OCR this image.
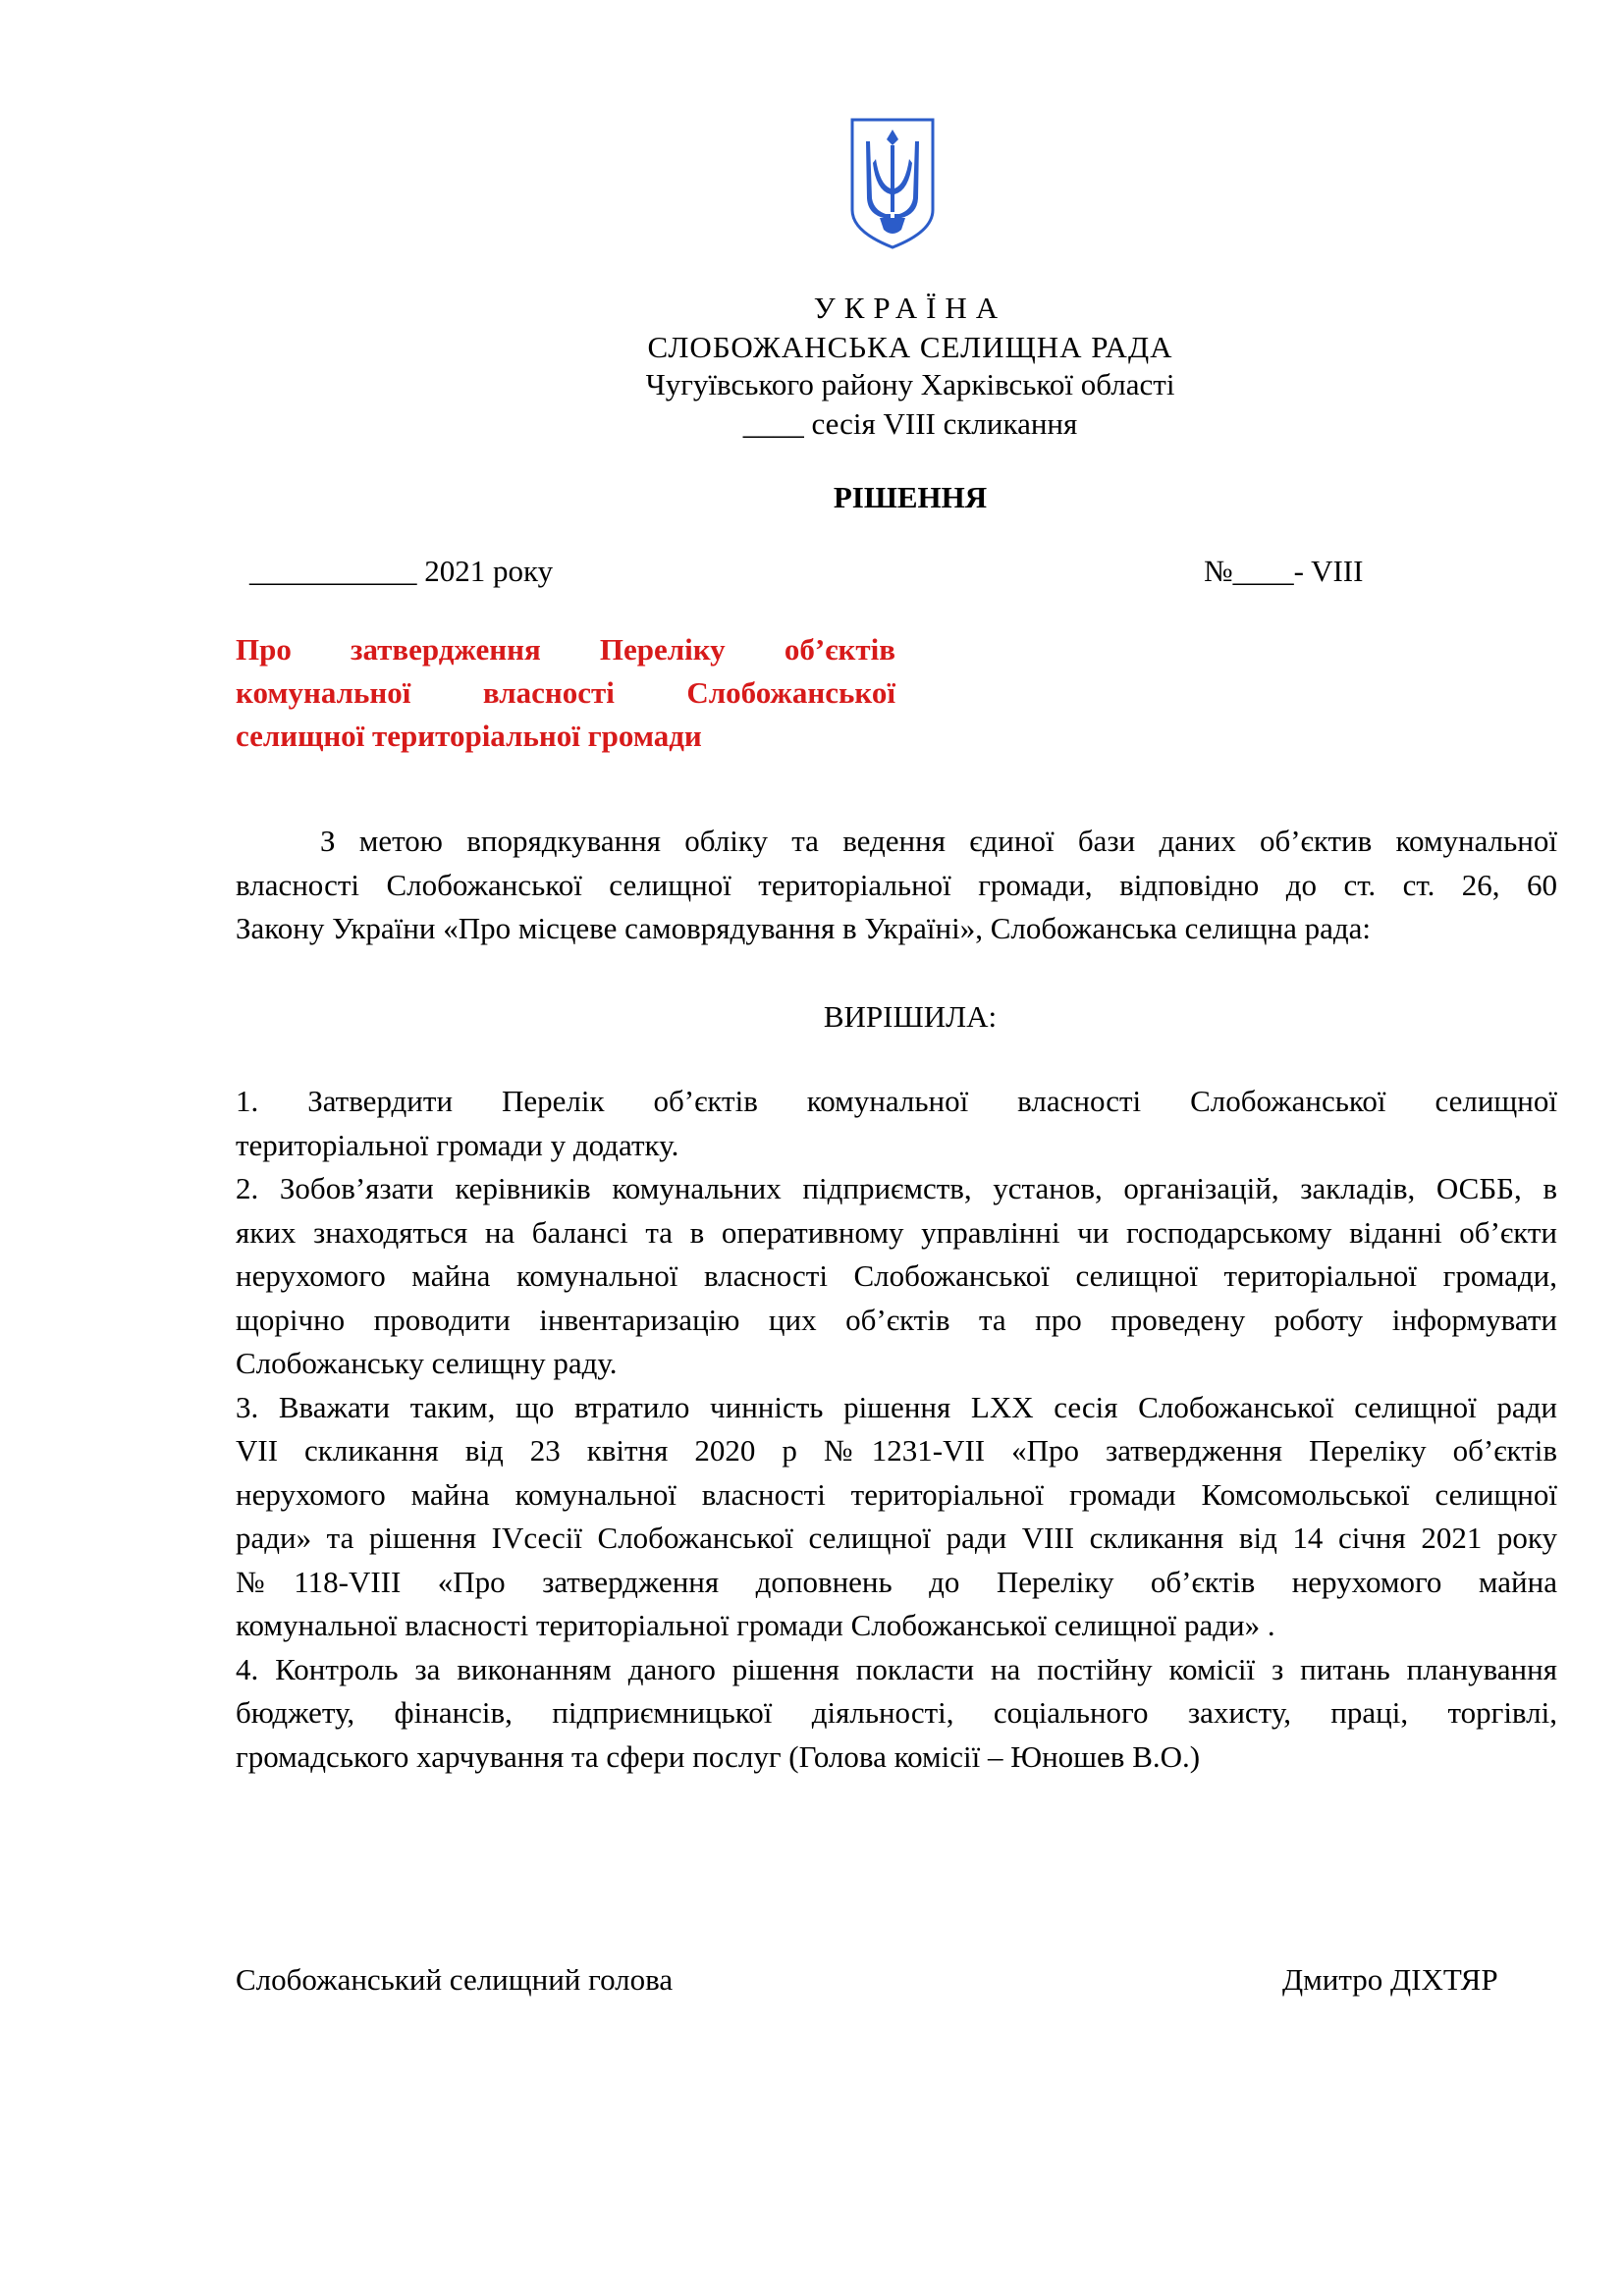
УКРАЇНА
СЛОБОЖАНСЬКА СЕЛИЩНА РАДА
Чугуївського району Харківської області
____ сесія VIII скликання
РІШЕННЯ
___________ 2021 року	№____- VIII
Про затвердження Переліку об’єктів
комунальної власності Слобожанської
селищної територіальної громади
З метою впорядкування обліку та ведення єдиної бази даних об’єктив комунальної
власності Слобожанської селищної територіальної громади, відповідно до ст. ст. 26, 60
Закону України «Про місцеве самоврядування в Україні», Слобожанська селищна рада:
ВИРІШИЛА:
1. Затвердити Перелік об’єктів комунальної власності Слобожанської селищної
територіальної громади у додатку.
2. Зобов’язати керівників комунальних підприємств, установ, організацій, закладів, ОСББ, в
яких знаходяться на балансі та в оперативному управлінні чи господарському віданні об’єкти
нерухомого майна комунальної власності Слобожанської селищної територіальної громади,
щорічно проводити інвентаризацію цих об’єктів та про проведену роботу інформувати
Слобожанську селищну раду.
3. Вважати таким, що втратило чинність рішення LXX сесія Слобожанської селищної ради
VII скликання від 23 квітня 2020 р №1231-VII «Про затвердження Переліку об’єктів
нерухомого майна комунальної власності територіальної громади Комсомольської селищної
ради» та рішення IVсесії Слобожанської селищної ради VIII скликання від 14 січня 2021 року
№118-VIII «Про затвердження доповнень до Переліку об’єктів нерухомого майна
комунальної власності територіальної громади Слобожанської селищної ради» .
4. Контроль за виконанням даного рішення покласти на постійну комісії з питань планування
бюджету, фінансів, підприємницької діяльності, соціального захисту, праці, торгівлі,
громадського харчування та сфери послуг (Голова комісії – Юношев В.О.)
Слобожанський селищний голова	Дмитро ДІХТЯР
